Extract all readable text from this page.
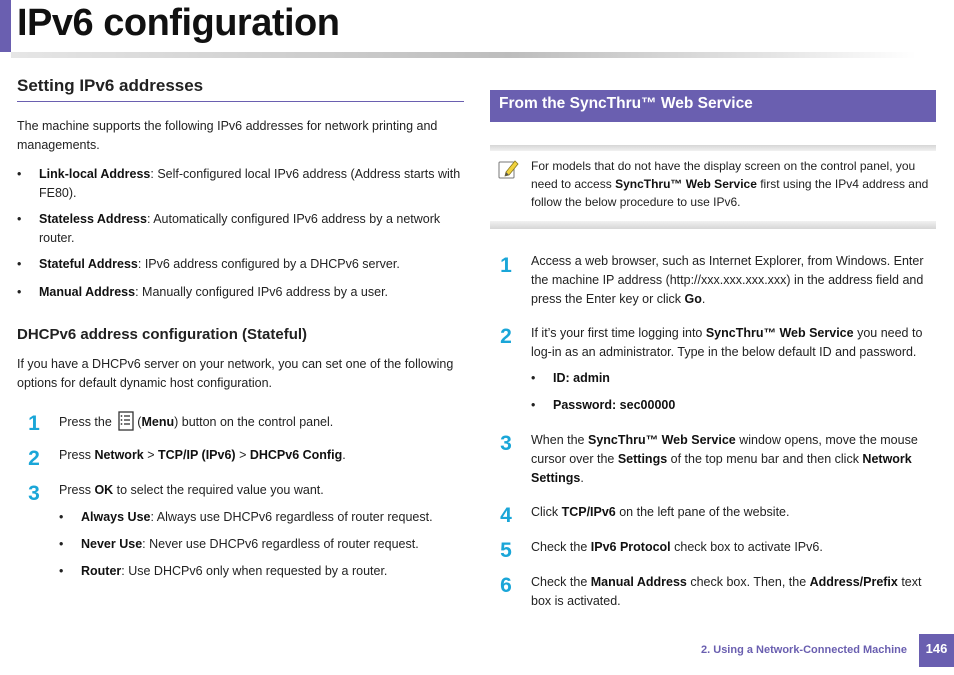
IPv6 configuration
Setting IPv6 addresses

The machine supports the following IPv6 addresses for network printing and managements.

• Link-local Address: Self-configured local IPv6 address (Address starts with FE80).
• Stateless Address: Automatically configured IPv6 address by a network router.
• Stateful Address: IPv6 address configured by a DHCPv6 server.
• Manual Address: Manually configured IPv6 address by a user.
DHCPv6 address configuration (Stateful)

If you have a DHCPv6 server on your network, you can set one of the following options for default dynamic host configuration.

1	Press the (Menu) button on the control panel.
2	Press Network > TCP/IP (IPv6) > DHCPv6 Config.
3	Press OK to select the required value you want.
• Always Use: Always use DHCPv6 regardless of router request.
• Never Use: Never use DHCPv6 regardless of router request.
• Router: Use DHCPv6 only when requested by a router.
From the SyncThru™ Web Service
For models that do not have the display screen on the control panel, you need to access SyncThru™ Web Service first using the IPv4 address and follow the below procedure to use IPv6.
1	Access a web browser, such as Internet Explorer, from Windows. Enter the machine IP address (http://xxx.xxx.xxx.xxx) in the address field and press the Enter key or click Go.
2	If it’s your first time logging into SyncThru™ Web Service you need to log-in as an administrator. Type in the below default ID and password.
• ID: admin
• Password: sec00000
3	When the SyncThru™ Web Service window opens, move the mouse cursor over the Settings of the top menu bar and then click Network Settings.
4	Click TCP/IPv6 on the left pane of the website.
5	Check the IPv6 Protocol check box to activate IPv6.
6	Check the Manual Address check box. Then, the Address/Prefix text box is activated.
2. Using a Network-Connected Machine	146
